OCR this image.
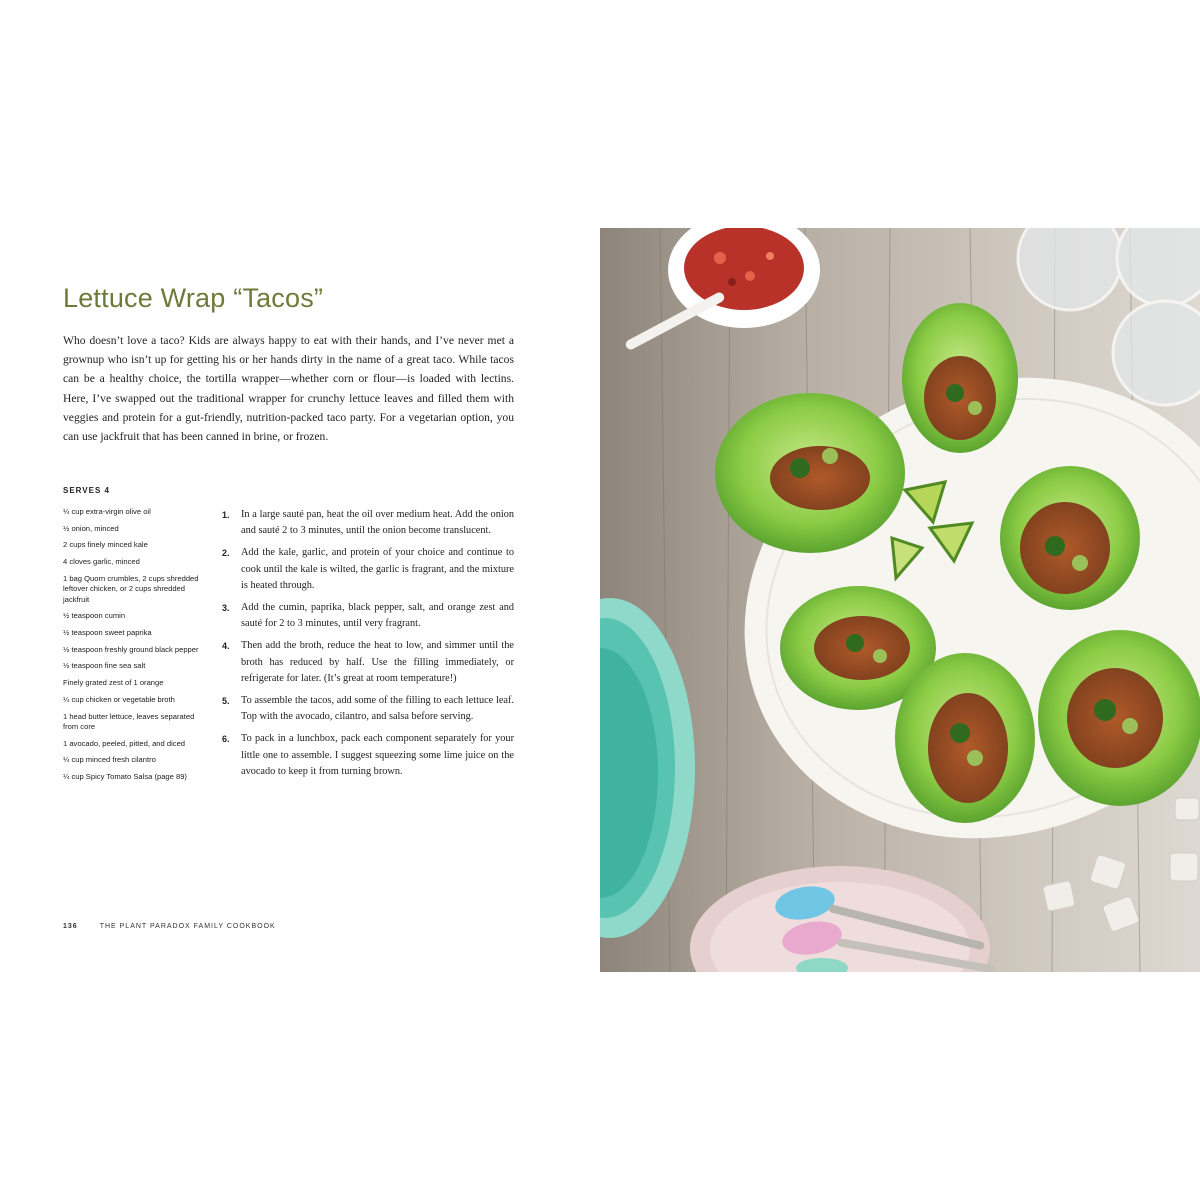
Lettuce Wrap “Tacos”

Who doesn’t love a taco? Kids are always happy to eat with their hands, and I’ve never met a grownup who isn’t up for getting his or her hands dirty in the name of a great taco. While tacos can be a healthy choice, the tortilla wrapper—whether corn or flour—is loaded with lectins. Here, I’ve swapped out the traditional wrapper for crunchy lettuce leaves and filled them with veggies and protein for a gut-friendly, nutrition-packed taco party. For a vegetarian option, you can use jackfruit that has been canned in brine, or frozen.

SERVES 4
¼ cup extra-virgin olive oil
½ onion, minced
2 cups finely minced kale
4 cloves garlic, minced
1 bag Quorn crumbles, 2 cups shredded leftover chicken, or 2 cups shredded jackfruit
½ teaspoon cumin
½ teaspoon sweet paprika
½ teaspoon freshly ground black pepper
½ teaspoon fine sea salt
Finely grated zest of 1 orange
¼ cup chicken or vegetable broth
1 head butter lettuce, leaves separated from core
1 avocado, peeled, pitted, and diced
¼ cup minced fresh cilantro
¼ cup Spicy Tomato Salsa (page 89)
1.	In a large sauté pan, heat the oil over medium heat. Add the onion and sauté 2 to 3 minutes, until the onion become translucent.
2.	Add the kale, garlic, and protein of your choice and continue to cook until the kale is wilted, the garlic is fragrant, and the mixture is heated through.
3.	Add the cumin, paprika, black pepper, salt, and orange zest and sauté for 2 to 3 minutes, until very fragrant.
4.	Then add the broth, reduce the heat to low, and simmer until the broth has reduced by half. Use the filling immediately, or refrigerate for later. (It’s great at room temperature!)
5.	To assemble the tacos, add some of the filling to each lettuce leaf. Top with the avocado, cilantro, and salsa before serving.
6.	To pack in a lunchbox, pack each component separately for your little one to assemble. I suggest squeezing some lime juice on the avocado to keep it from turning brown.
136	THE PLANT PARADOX FAMILY COOKBOOK
